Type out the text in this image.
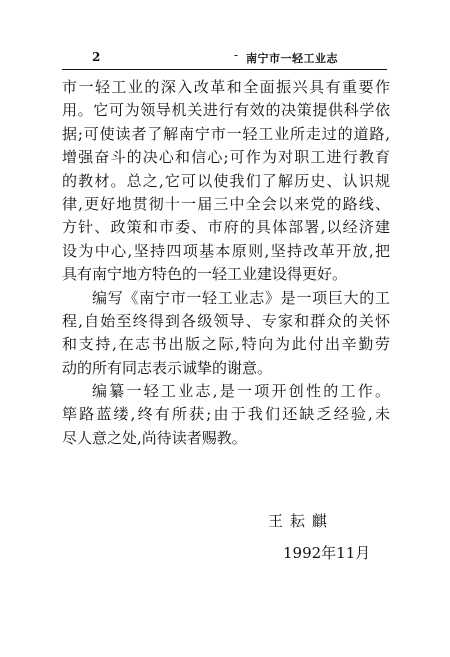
2	- 南宁市一轻工业志
市一轻工业的深入改革和全面振兴具有重要作
用。它可为领导机关进行有效的决策提供科学依
据;可使读者了解南宁市一轻工业所走过的道路,
增强奋斗的决心和信心;可作为对职工进行教育
的教材。总之,它可以使我们了解历史、认识规
律,更好地贯彻十一届三中全会以来党的路线、
方针、政策和市委、市府的具体部署,以经济建
设为中心,坚持四项基本原则,坚持改革开放,把
具有南宁地方特色的一轻工业建设得更好。
编写《南宁市一轻工业志》是一项巨大的工
程,自始至终得到各级领导、专家和群众的关怀
和支持,在志书出版之际,特向为此付出辛勤劳
动的所有同志表示诚挚的谢意。
编纂一轻工业志,是一项开创性的工作。
筚路蓝缕,终有所获;由于我们还缺乏经验,未
尽人意之处,尚待读者赐教。
王耘麒
1992年11月
